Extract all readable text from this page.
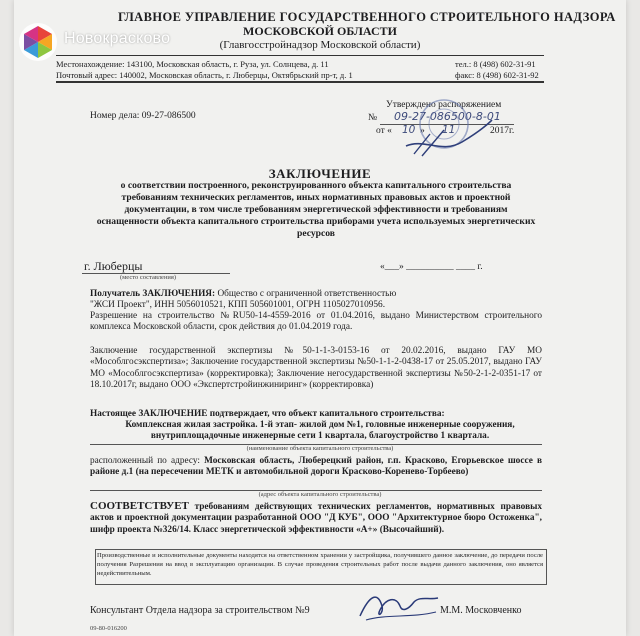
ГЛАВНОЕ УПРАВЛЕНИЕ ГОСУДАРСТВЕННОГО СТРОИТЕЛЬНОГО НАДЗОРА
МОСКОВСКОЙ ОБЛАСТИ
(Главгосстройнадзор Московской области)
Местонахождение: 143100, Московская область, г. Руза, ул. Солнцева, д. 11
Почтовый адрес: 140002, Московская область, г. Люберцы, Октябрьский пр-т, д. 1
тел.: 8 (498) 602-31-91
факс: 8 (498) 602-31-92
Новокрасково
Номер дела: 09-27-086500
Утверждено распоряжением
№ 09-27-086500-8-01
от « 10 » 11	2017г.
ЗАКЛЮЧЕНИЕ
о соответствии построенного, реконструированного объекта капитального строительства требованиям технических регламентов, иных нормативных правовых актов и проектной документации, в том числе требованиям энергетической эффективности и требованиям оснащенности объекта капитального строительства приборами учета используемых энергетических ресурсов
г. Люберцы
(место составления)
«___» __________ ____ г.
Получатель ЗАКЛЮЧЕНИЯ: Общество с ограниченной ответственностью
"ЖСИ Проект", ИНН 5056010521, КПП 505601001, ОГРН 1105027010956.
Разрешение на строительство №RU50-14-4559-2016 от 01.04.2016, выдано Министерством строительного комплекса Московской области, срок действия до 01.04.2019 года.
Заключение государственной экспертизы №50-1-1-3-0153-16 от 20.02.2016, выдано ГАУ МО «Мособлгосэкспертиза»; Заключение государственной экспертизы №50-1-1-2-0438-17 от 25.05.2017, выдано ГАУ МО «Мособлгосэкспертиза» (корректировка); Заключение негосударственной экспертизы №50-2-1-2-0351-17 от 18.10.2017г, выдано ООО «Экспертстройинжиниринг» (корректировка)
Настоящее ЗАКЛЮЧЕНИЕ подтверждает, что объект капитального строительства:
Комплексная жилая застройка. 1-й этап- жилой дом №1, головные инженерные сооружения,
внутриплощадочные инженерные сети 1 квартала, благоустройство 1 квартала.
(наименование объекта капитального строительства)
расположенный по адресу: Московская область, Люберецкий район, г.п. Красково, Егорьевское шоссе в районе д.1 (на пересечении МЕТК и автомобильной дороги Красково-Коренево-Торбеево)
(адрес объекта капитального строительства)
СООТВЕТСТВУЕТ требованиям действующих технических регламентов, нормативных правовых актов и проектной документации разработанной ООО "Д КУБ", ООО "Архитектурное бюро Остоженка", шифр проекта №326/14. Класс энергетической эффективности «А+» (Высочайший).
Производственные и исполнительные документы находятся на ответственном хранении у застройщика, получившего данное заключение, до передачи после получения Разрешения на ввод в эксплуатацию организации. В случае проведения строительных работ после выдачи данного заключения, оно является недействительным.
Консультант Отдела надзора за строительством №9	М.М. Московченко
09-80-016200
